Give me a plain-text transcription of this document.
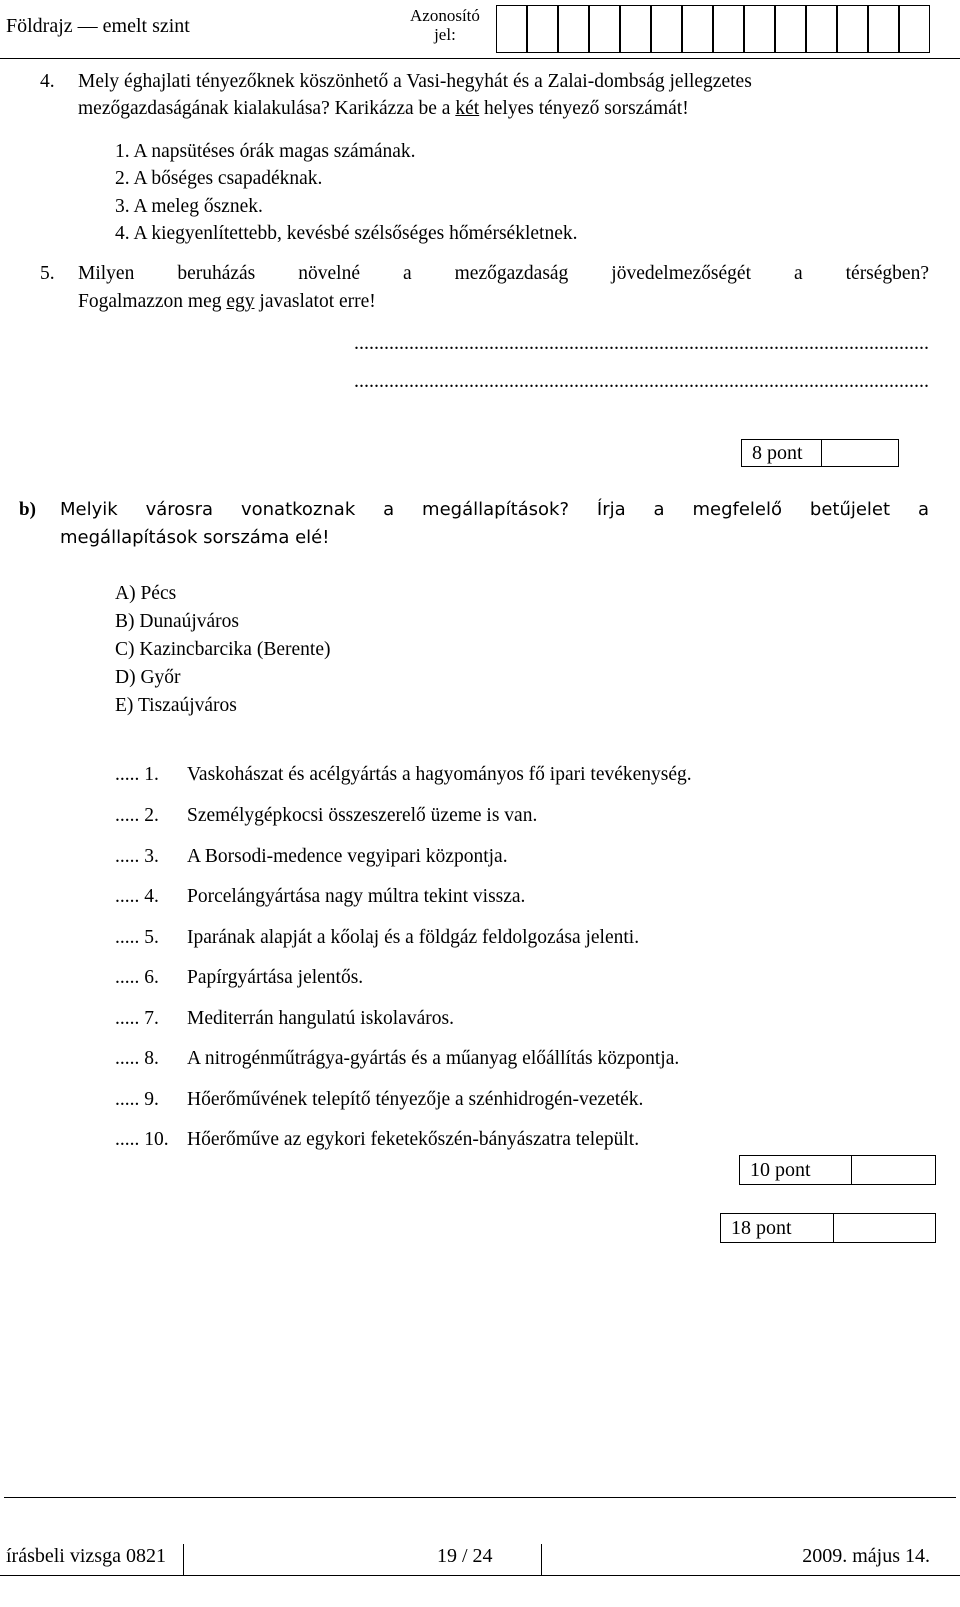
Földrajz — emelt szint	Azonosító
jel:
4. Mely éghajlati tényezőknek köszönhető a Vasi-hegyhát és a Zalai-dombság jellegzetes
mezőgazdaságának kialakulása? Karikázza be a két helyes tényező sorszámát!
1. A napsütéses órák magas számának.
2. A bőséges csapadéknak.
3. A meleg ősznek.
4. A kiegyenlítettebb, kevésbé szélsőséges hőmérsékletnek.
5. Milyen beruházás növelné a mezőgazdaság jövedelmezőségét a térségben?
Fogalmazzon meg egy javaslatot erre!
...................................................................................................................
...................................................................................................................
8 pont
b) Melyik városra vonatkoznak a megállapítások? Írja a megfelelő betűjelet a
megállapítások sorszáma elé!
A) Pécs
B) Dunaújváros
C) Kazincbarcika (Berente)
D) Győr
E) Tiszaújváros
..... 1. Vaskohászat és acélgyártás a hagyományos fő ipari tevékenység.
..... 2. Személygépkocsi összeszerelő üzeme is van.
..... 3. A Borsodi-medence vegyipari központja.
..... 4. Porcelángyártása nagy múltra tekint vissza.
..... 5. Iparának alapját a kőolaj és a földgáz feldolgozása jelenti.
..... 6. Papírgyártása jelentős.
..... 7. Mediterrán hangulatú iskolaváros.
..... 8. A nitrogénműtrágya-gyártás és a műanyag előállítás központja.
..... 9. Hőerőművének telepítő tényezője a szénhidrogén-vezeték.
..... 10. Hőerőműve az egykori feketekőszén-bányászatra települt.
10 pont
18 pont
írásbeli vizsga 0821	19 / 24	2009. május 14.
